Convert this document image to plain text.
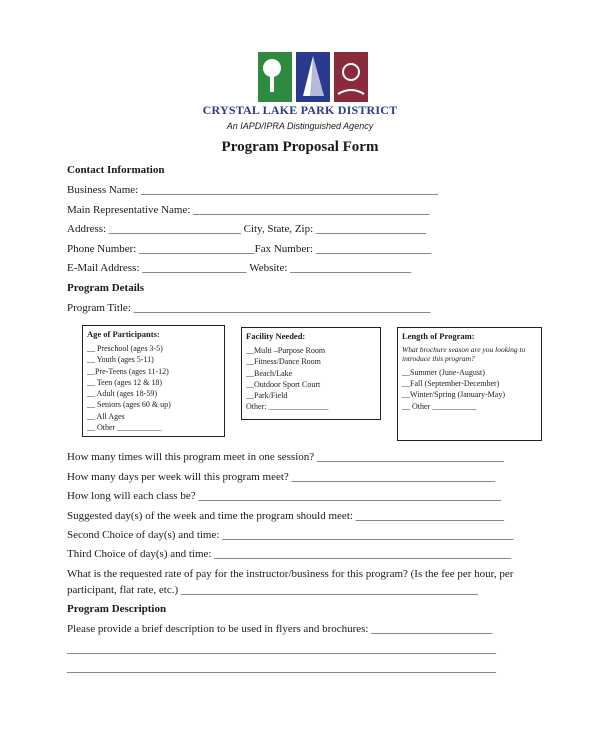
CRYSTAL LAKE PARK DISTRICT
An IAPD/IPRA Distinguished Agency
Program Proposal Form
Contact Information
Business Name: ______________________________________________________
Main Representative Name: ___________________________________________
Address: ________________________ City, State, Zip: ____________________
Phone Number: _____________________Fax Number: _____________________
E-Mail Address: ___________________ Website: ______________________
Program Details
Program Title: ______________________________________________________
Age of Participants:
__ Preschool (ages 3-5)
__ Youth (ages 5-11)
__Pre-Teens (ages 11-12)
__ Teen (ages 12 & 18)
__ Adult (ages 18-59)
__ Seniors (ages 60 & up)
__ All Ages
__ Other ___________
Facility Needed:
__Multi –Purpose Room
__Fitness/Dance Room
__Beach/Lake
__Outdoor Sport Court
__Park/Field
Other: _______________
Length of Program:
What brochure season are you looking to introduce this program?
__Summer (June-August)
__Fall (September-December)
__Winter/Spring (January-May)
__ Other ___________
How many times will this program meet in one session? __________________________________
How many days per week will this program meet? _____________________________________
How long will each class be? _______________________________________________________
Suggested day(s) of the week and time the program should meet: ___________________________
Second Choice of day(s) and time: _____________________________________________________
Third Choice of day(s) and time: ______________________________________________________
What is the requested rate of pay for the instructor/business for this program? (Is the fee per hour, per
participant, flat rate, etc.) ______________________________________________________
Program Description
Please provide a brief description to be used in flyers and brochures: ______________________
______________________________________________________________________________
______________________________________________________________________________
